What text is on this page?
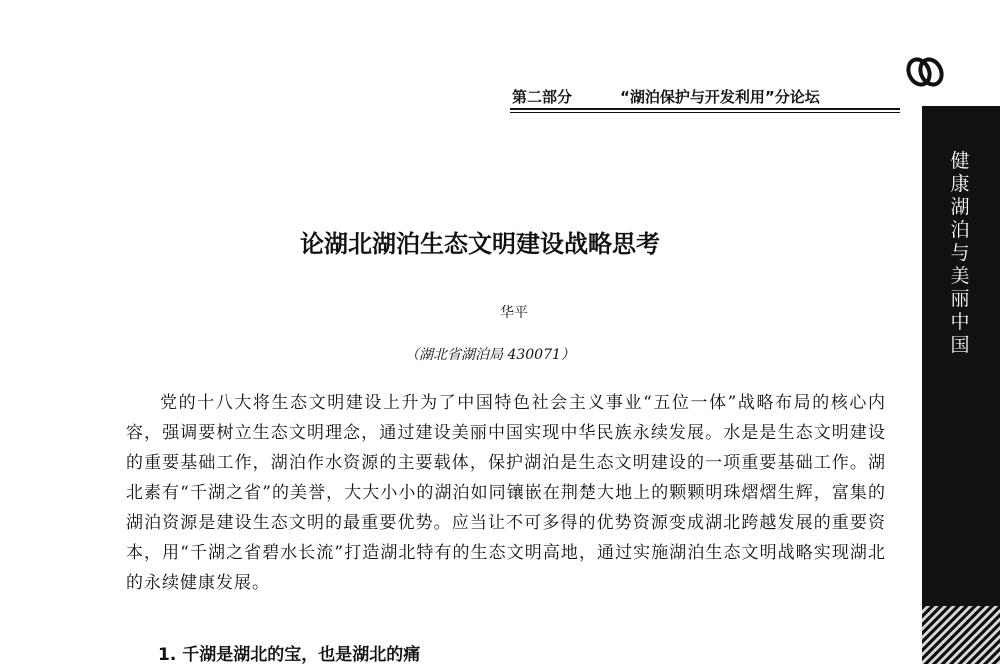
第二部分	“湖泊保护与开发利用”分论坛
健康湖泊与美丽中国
论湖北湖泊生态文明建设战略思考
华平
（湖北省湖泊局 430071）

党的十八大将生态文明建设上升为了中国特色社会主义事业“五位一体”战略布局的核心内容，强调要树立生态文明理念，通过建设美丽中国实现中华民族永续发展。水是是生态文明建设的重要基础工作，湖泊作水资源的主要载体，保护湖泊是生态文明建设的一项重要基础工作。湖北素有“千湖之省”的美誉，大大小小的湖泊如同镶嵌在荆楚大地上的颗颗明珠熠熠生辉，富集的湖泊资源是建设生态文明的最重要优势。应当让不可多得的优势资源变成湖北跨越发展的重要资本，用“千湖之省碧水长流”打造湖北特有的生态文明高地，通过实施湖泊生态文明战略实现湖北的永续健康发展。

1. 千湖是湖北的宝，也是湖北的痛
